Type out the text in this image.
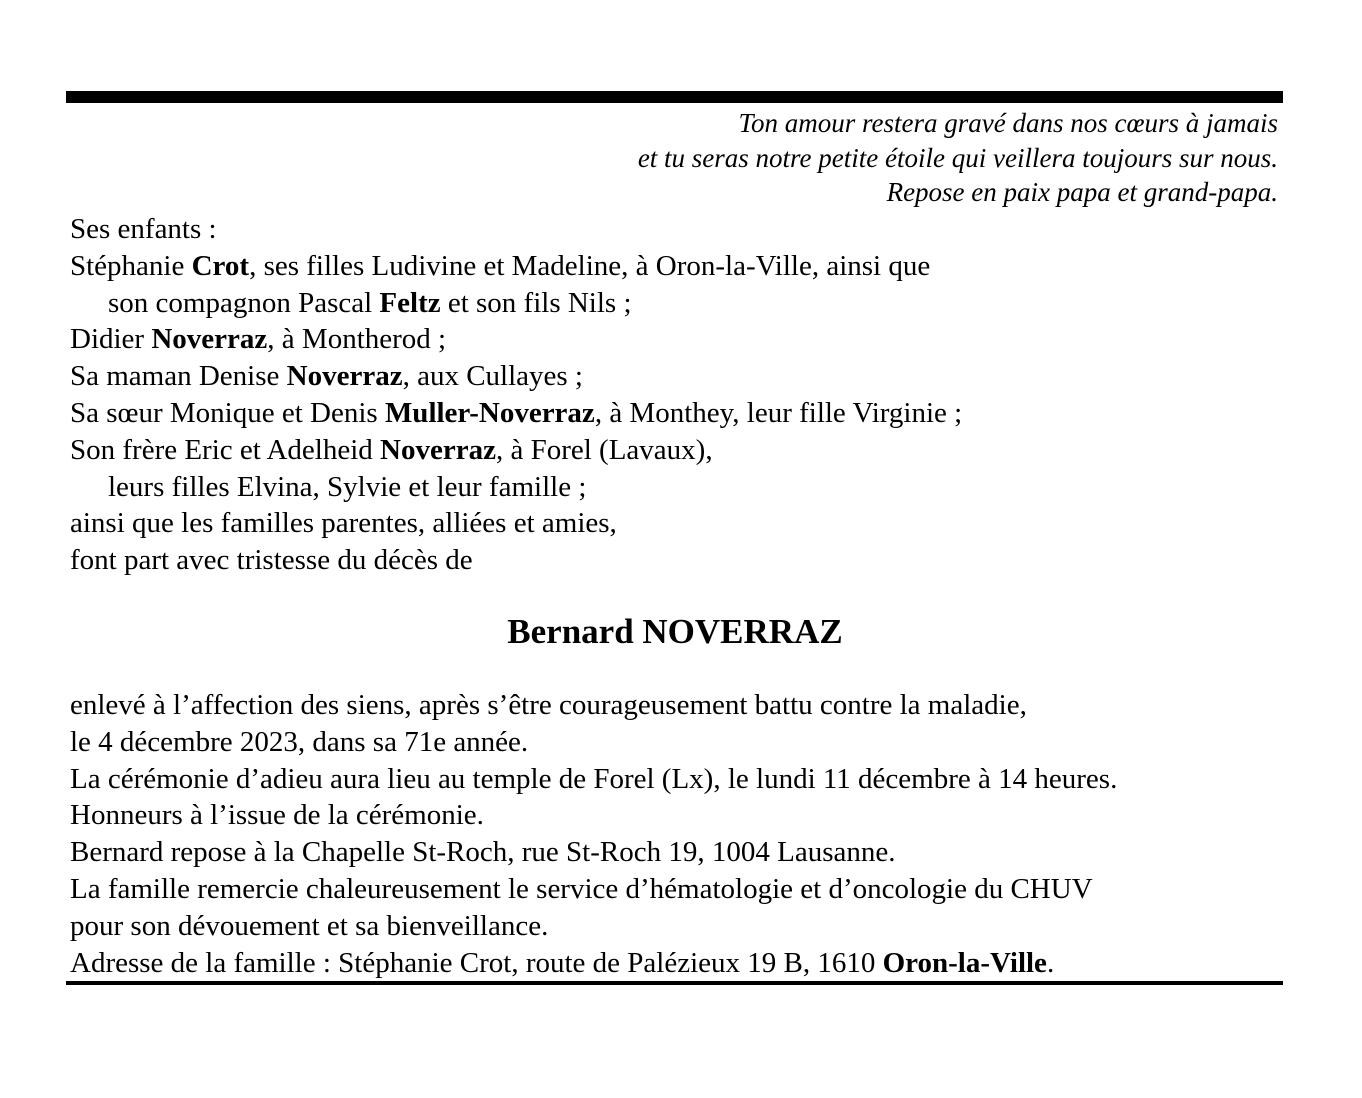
Ton amour restera gravé dans nos cœurs à jamais
et tu seras notre petite étoile qui veillera toujours sur nous.
Repose en paix papa et grand-papa.
Ses enfants :
Stéphanie Crot, ses filles Ludivine et Madeline, à Oron-la-Ville, ainsi que
son compagnon Pascal Feltz et son fils Nils ;
Didier Noverraz, à Montherod ;
Sa maman Denise Noverraz, aux Cullayes ;
Sa sœur Monique et Denis Muller-Noverraz, à Monthey, leur fille Virginie ;
Son frère Eric et Adelheid Noverraz, à Forel (Lavaux),
leurs filles Elvina, Sylvie et leur famille ;
ainsi que les familles parentes, alliées et amies,
font part avec tristesse du décès de
Bernard NOVERRAZ
enlevé à l’affection des siens, après s’être courageusement battu contre la maladie,
le 4 décembre 2023, dans sa 71e année.
La cérémonie d’adieu aura lieu au temple de Forel (Lx), le lundi 11 décembre à 14 heures.
Honneurs à l’issue de la cérémonie.
Bernard repose à la Chapelle St-Roch, rue St-Roch 19, 1004 Lausanne.
La famille remercie chaleureusement le service d’hématologie et d’oncologie du CHUV
pour son dévouement et sa bienveillance.
Adresse de la famille : Stéphanie Crot, route de Palézieux 19 B, 1610 Oron-la-Ville.
